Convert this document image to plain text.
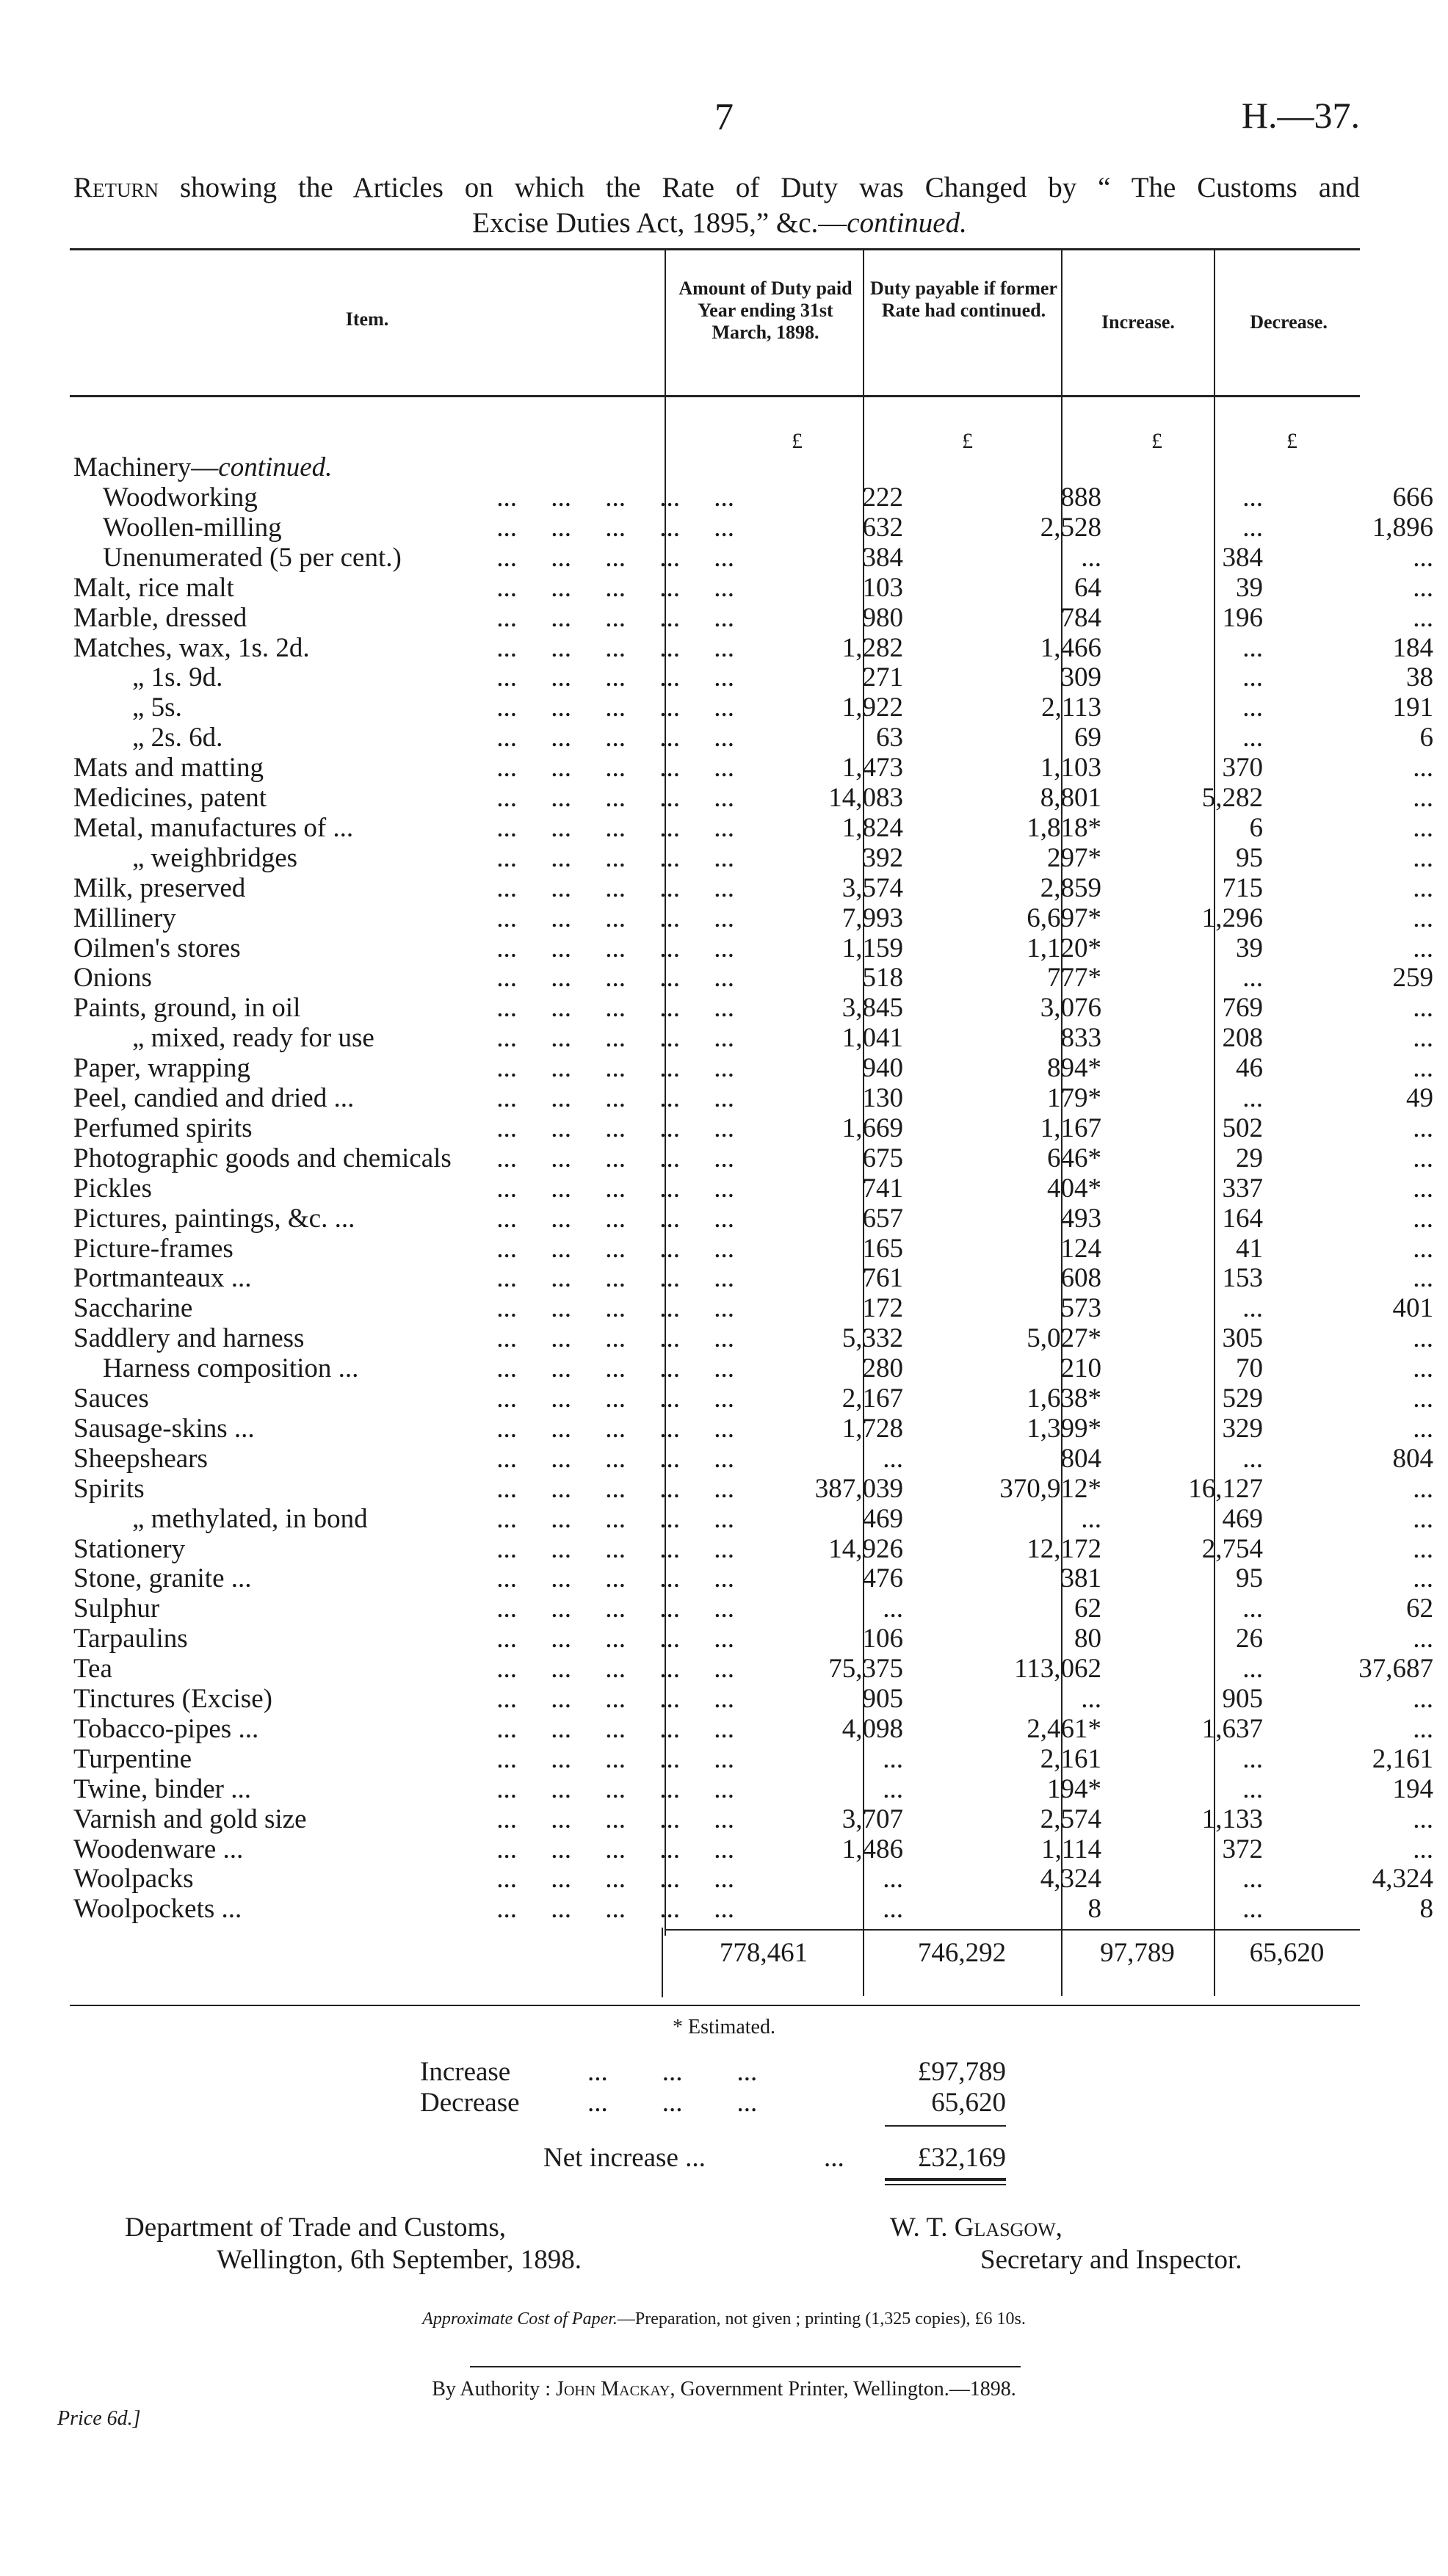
7	H.—37.
Return showing the Articles on which the Rate of Duty was Changed by “ The Customs and
Excise Duties Act, 1895,” &c.—continued.
Item.
Amount of Duty paid Year ending 31st March, 1898.
Duty payable if former Rate had continued.
Increase.	Decrease.
£	£	£	£
Machinery—continued.
Woodworking	...     ...     ...     ...     ...	222	888	...	666
Woollen-milling	...     ...     ...     ...     ...	632	2,528	...	1,896
Unenumerated (5 per cent.)	...     ...     ...     ...     ...	384	...	384	...
Malt, rice malt	...     ...     ...     ...     ...	103	64	39	...
Marble, dressed	...     ...     ...     ...     ...	980	784	196	...
Matches, wax, 1s. 2d.	...     ...     ...     ...     ...	1,282	1,466	...	184
„ 1s. 9d.	...     ...     ...     ...     ...	271	309	...	38
„ 5s.	...     ...     ...     ...     ...	1,922	2,113	...	191
„ 2s. 6d.	...     ...     ...     ...     ...	63	69	...	6
Mats and matting	...     ...     ...     ...     ...	1,473	1,103	370	...
Medicines, patent	...     ...     ...     ...     ...	14,083	8,801	5,282	...
Metal, manufactures of ...	...     ...     ...     ...     ...	1,824	1,818*	6	...
„ weighbridges	...     ...     ...     ...     ...	392	297*	95	...
Milk, preserved	...     ...     ...     ...     ...	3,574	2,859	715	...
Millinery	...     ...     ...     ...     ...	7,993	6,697*	1,296	...
Oilmen's stores	...     ...     ...     ...     ...	1,159	1,120*	39	...
Onions	...     ...     ...     ...     ...	518	777*	...	259
Paints, ground, in oil	...     ...     ...     ...     ...	3,845	3,076	769	...
„ mixed, ready for use	...     ...     ...     ...     ...	1,041	833	208	...
Paper, wrapping	...     ...     ...     ...     ...	940	894*	46	...
Peel, candied and dried ...	...     ...     ...     ...     ...	130	179*	...	49
Perfumed spirits	...     ...     ...     ...     ...	1,669	1,167	502	...
Photographic goods and chemicals	...     ...     ...     ...     ...	675	646*	29	...
Pickles	...     ...     ...     ...     ...	741	404*	337	...
Pictures, paintings, &c. ...	...     ...     ...     ...     ...	657	493	164	...
Picture-frames	...     ...     ...     ...     ...	165	124	41	...
Portmanteaux ...	...     ...     ...     ...     ...	761	608	153	...
Saccharine	...     ...     ...     ...     ...	172	573	...	401
Saddlery and harness	...     ...     ...     ...     ...	5,332	5,027*	305	...
Harness composition ...	...     ...     ...     ...     ...	280	210	70	...
Sauces	...     ...     ...     ...     ...	2,167	1,638*	529	...
Sausage-skins ...	...     ...     ...     ...     ...	1,728	1,399*	329	...
Sheepshears	...     ...     ...     ...     ...	...	804	...	804
Spirits	...     ...     ...     ...     ...	387,039	370,912*	16,127	...
„ methylated, in bond	...     ...     ...     ...     ...	469	...	469	...
Stationery	...     ...     ...     ...     ...	14,926	12,172	2,754	...
Stone, granite ...	...     ...     ...     ...     ...	476	381	95	...
Sulphur	...     ...     ...     ...     ...	...	62	...	62
Tarpaulins	...     ...     ...     ...     ...	106	80	26	...
Tea	...     ...     ...     ...     ...	75,375	113,062	...	37,687
Tinctures (Excise)	...     ...     ...     ...     ...	905	...	905	...
Tobacco-pipes ...	...     ...     ...     ...     ...	4,098	2,461*	1,637	...
Turpentine	...     ...     ...     ...     ...	...	2,161	...	2,161
Twine, binder ...	...     ...     ...     ...     ...	...	194*	...	194
Varnish and gold size	...     ...     ...     ...     ...	3,707	2,574	1,133	...
Woodenware ...	...     ...     ...     ...     ...	1,486	1,114	372	...
Woolpacks	...     ...     ...     ...     ...	...	4,324	...	4,324
Woolpockets ...	...     ...     ...     ...     ...	...	8	...	8
778,461	746,292	97,789	65,620
* Estimated.
Increase	...        ...        ...	£97,789
Decrease ...        ...        ...	65,620
Net increase ...	...	£32,169
Department of Trade and Customs,
Wellington, 6th September, 1898.
W. T. Glasgow,
Secretary and Inspector.
Approximate Cost of Paper.—Preparation, not given ; printing (1,325 copies), £6 10s.
By Authority : John Mackay, Government Printer, Wellington.—1898.
Price 6d.]
